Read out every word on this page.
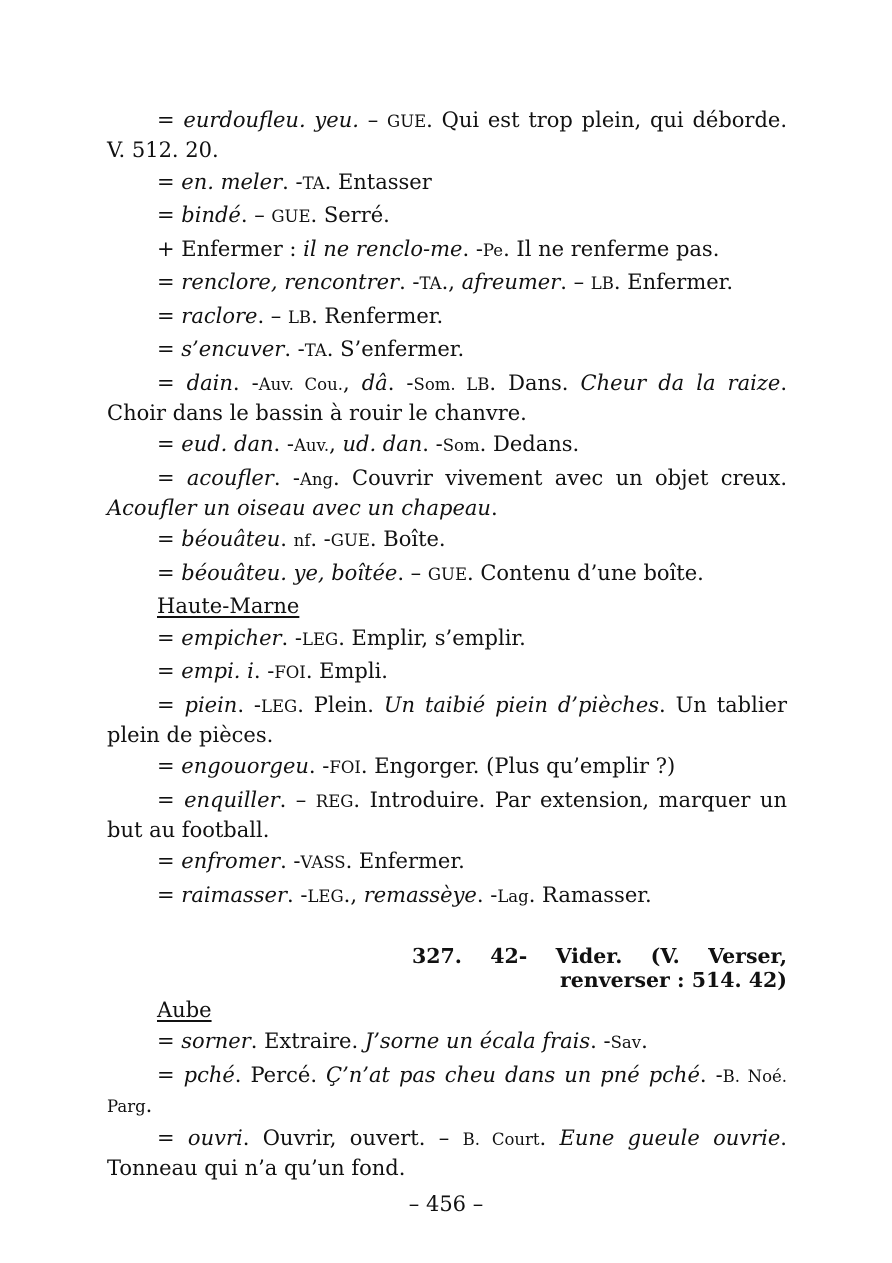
= eurdoufleu. yeu. – GUE. Qui est trop plein, qui déborde. V. 512. 20.
= en. meler. -TA. Entasser
= bindé. – GUE. Serré.
+ Enfermer : il ne renclo-me. -Pe. Il ne renferme pas.
= renclore, rencontrer. -TA., afreumer. – LB. Enfermer.
= raclore. – LB. Renfermer.
= s’encuver. -TA. S’enfermer.
= dain. -Auv. Cou., dâ. -Som. LB. Dans. Cheur da la raize. Choir dans le bassin à rouir le chanvre.
= eud. dan. -Auv., ud. dan. -Som. Dedans.
= acoufler. -Ang. Couvrir vivement avec un objet creux. Acoufler un oiseau avec un chapeau.
= béouâteu. nf. -GUE. Boîte.
= béouâteu. ye, boîtée. – GUE. Contenu d’une boîte.
Haute-Marne
= empicher. -LEG. Emplir, s’emplir.
= empi. i. -FOI. Empli.
= piein. -LEG. Plein. Un taibié piein d’pièches. Un tablier plein de pièces.
= engouorgeu. -FOI. Engorger. (Plus qu’emplir ?)
= enquiller. – REG. Introduire. Par extension, marquer un but au football.
= enfromer. -VASS. Enfermer.
= raimasser. -LEG., remassèye. -Lag. Ramasser.
327. 42- Vider. (V. Verser, renverser : 514. 42)
Aube
= sorner. Extraire. J’sorne un écala frais. -Sav.
= pché. Percé. Ç’n’at pas cheu dans un pné pché. -B. Noé. Parg.
= ouvri. Ouvrir, ouvert. – B. Court. Eune gueule ouvrie. Tonneau qui n’a qu’un fond.
– 456 –
